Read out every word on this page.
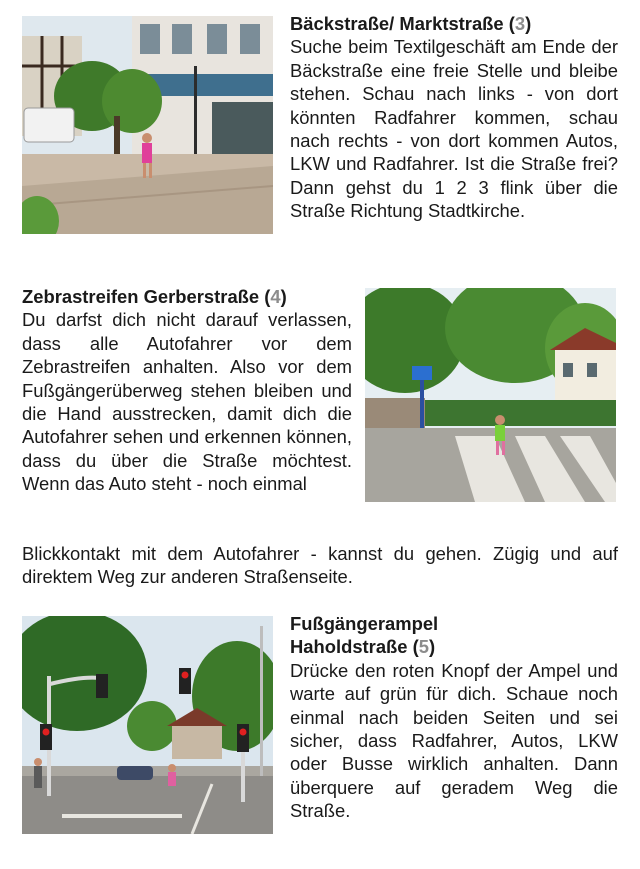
Bäckstraße/ Marktstraße (3)
Suche beim Textilgeschäft am Ende der Bäckstraße eine freie Stelle und bleibe stehen. Schau nach links - von dort könnten Radfahrer kommen, schau nach rechts - von dort kommen Autos, LKW und Radfahrer. Ist die Straße frei? Dann gehst du 1 2 3 flink über die Straße Richtung Stadtkirche.
Zebrastreifen Gerberstraße (4)
Du darfst dich nicht darauf verlassen, dass alle Autofahrer vor dem Zebrastreifen anhalten. Also vor dem Fußgängerüberweg stehen bleiben und die Hand ausstrecken, damit dich die Autofahrer sehen und erkennen können, dass du über die Straße möchtest. Wenn das Auto steht - noch einmal
Blickkontakt mit dem Autofahrer - kannst du gehen. Zügig und auf direktem Weg zur anderen Straßenseite.
Fußgängerampel
Haholdstraße (5)
Drücke den roten Knopf der Ampel und warte auf grün für dich. Schaue noch einmal nach beiden Seiten und sei sicher, dass Radfahrer, Autos, LKW oder Busse wirklich anhalten. Dann überquere auf geradem Weg die Straße.
